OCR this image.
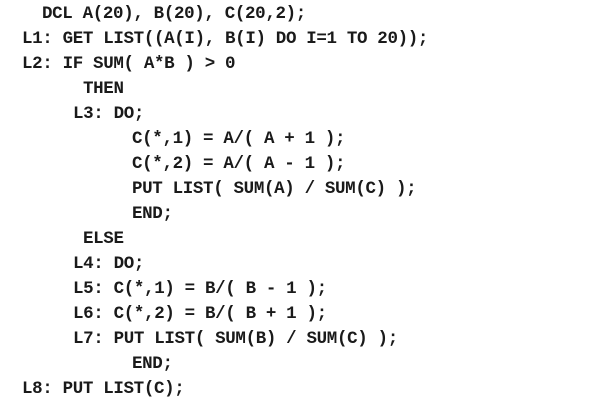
DCL A(20), B(20), C(20,2);
L1: GET LIST((A(I), B(I) DO I=1 TO 20));
L2: IF SUM( A*B ) > 0
THEN
L3: DO;
C(*,1) = A/( A + 1 );
C(*,2) = A/( A - 1 );
PUT LIST( SUM(A) / SUM(C) );
END;
ELSE
L4: DO;
L5: C(*,1) = B/( B - 1 );
L6: C(*,2) = B/( B + 1 );
L7: PUT LIST( SUM(B) / SUM(C) );
END;
L8: PUT LIST(C);
